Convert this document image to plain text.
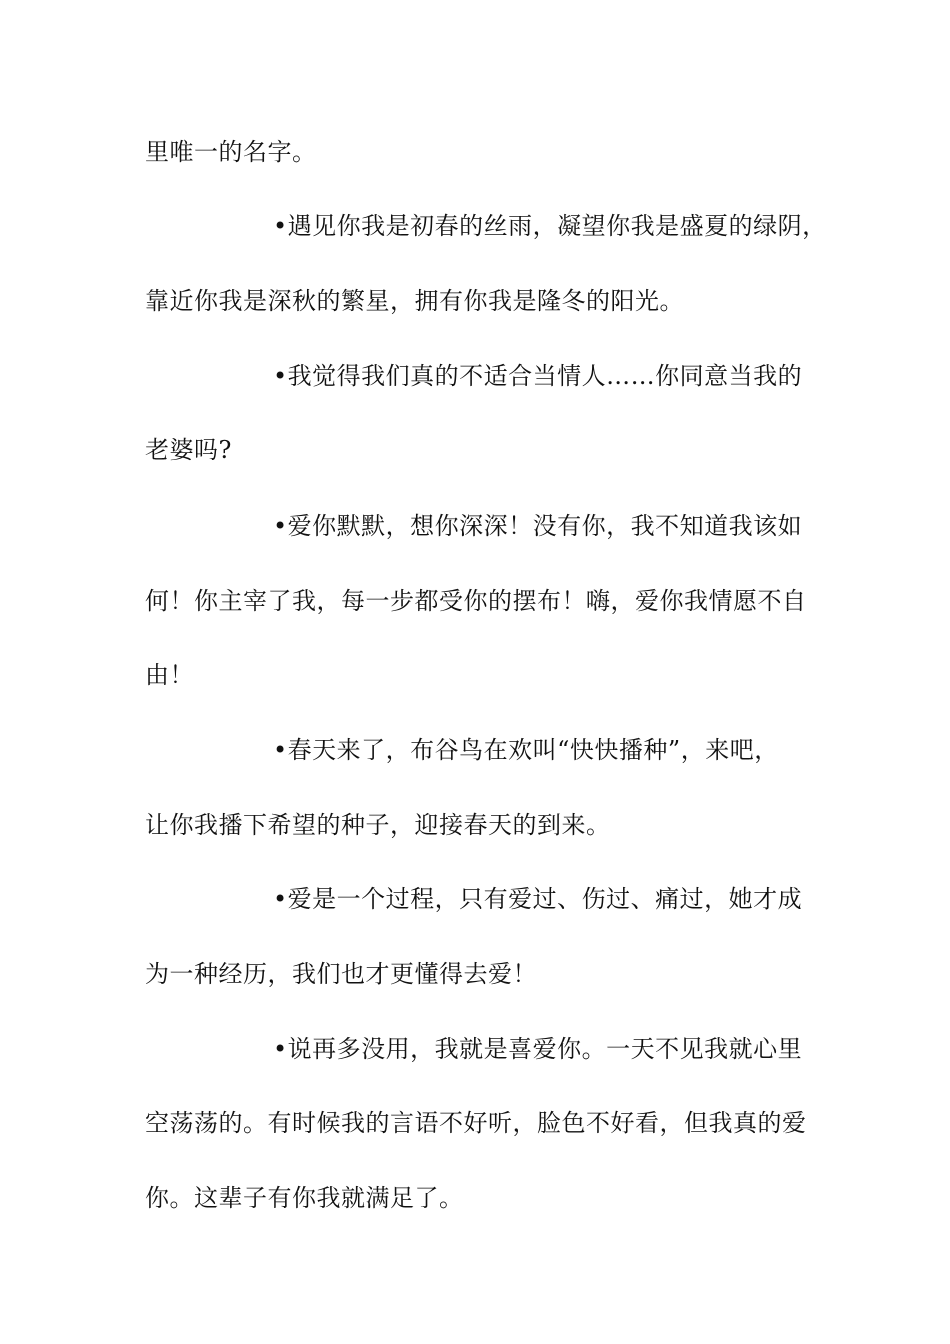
里唯一的名字。
•遇见你我是初春的丝雨，凝望你我是盛夏的绿阴，
靠近你我是深秋的繁星，拥有你我是隆冬的阳光。
•我觉得我们真的不适合当情人……你同意当我的
老婆吗?
•爱你默默，想你深深！没有你，我不知道我该如
何！你主宰了我，每一步都受你的摆布！嗨，爱你我情愿不自
由！
•春天来了，布谷鸟在欢叫“快快播种”，来吧，
让你我播下希望的种子，迎接春天的到来。
•爱是一个过程，只有爱过、伤过、痛过，她才成
为一种经历，我们也才更懂得去爱！
•说再多没用，我就是喜爱你。一天不见我就心里
空荡荡的。有时候我的言语不好听，脸色不好看，但我真的爱
你。这辈子有你我就满足了。
